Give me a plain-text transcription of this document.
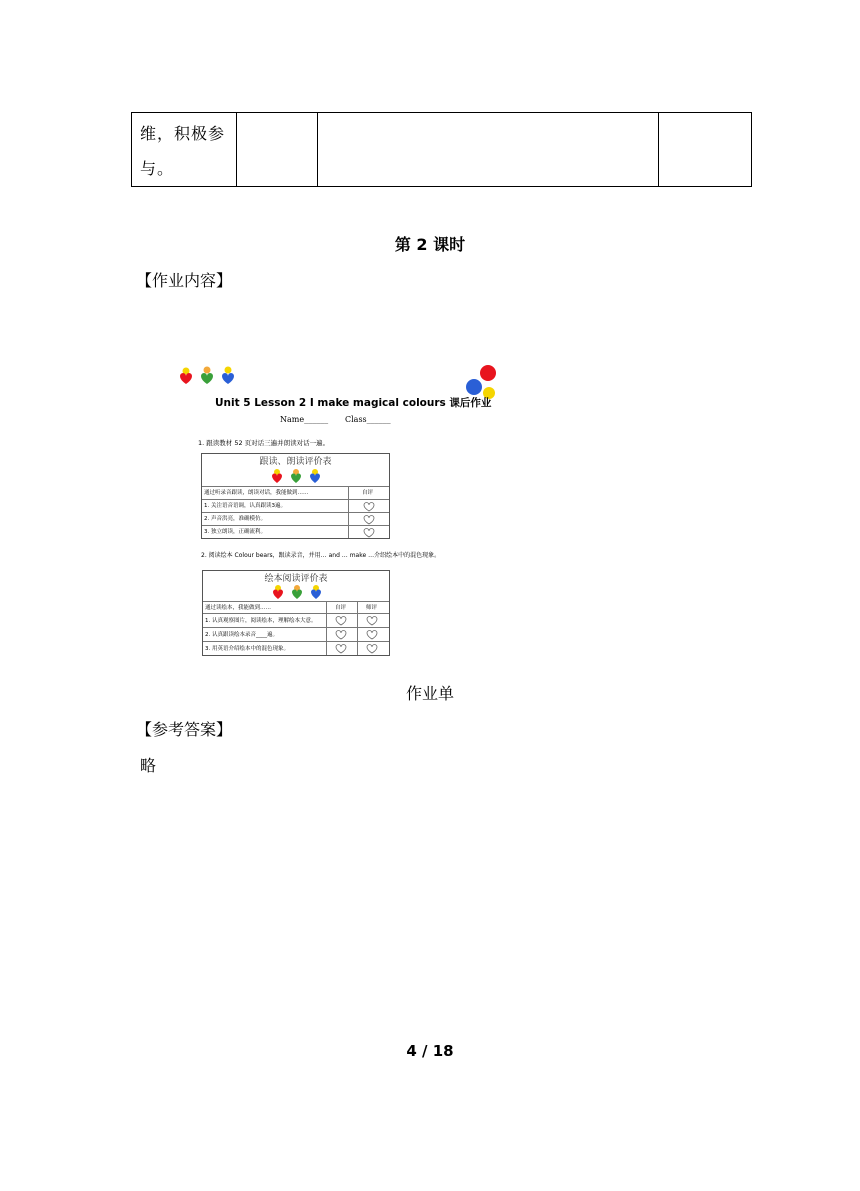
维，积极参
与。

第 2 课时
【作业内容】
Unit 5 Lesson 2 I make magical colours 课后作业
Name______ Class______
1. 跟读教材 52 页对话三遍并朗读对话一遍。
跟读、朗读评价表
通过听录音跟读，朗读对话，我能做到……	自评
1. 关注语音语调，认真跟读3遍。
2. 声音洪亮，准确模仿。
3. 独立朗读，正确流利。
2. 阅读绘本 Colour bears，跟读录音，并用… and … make …介绍绘本中的混色现象。
绘本阅读评价表
通过读绘本，我能做到……	自评	师评
1. 认真观察图片，阅读绘本，理解绘本大意。
2. 认真跟读绘本录音____遍。
3. 用英语介绍绘本中的混色现象。
作业单
【参考答案】
略
4 / 18
